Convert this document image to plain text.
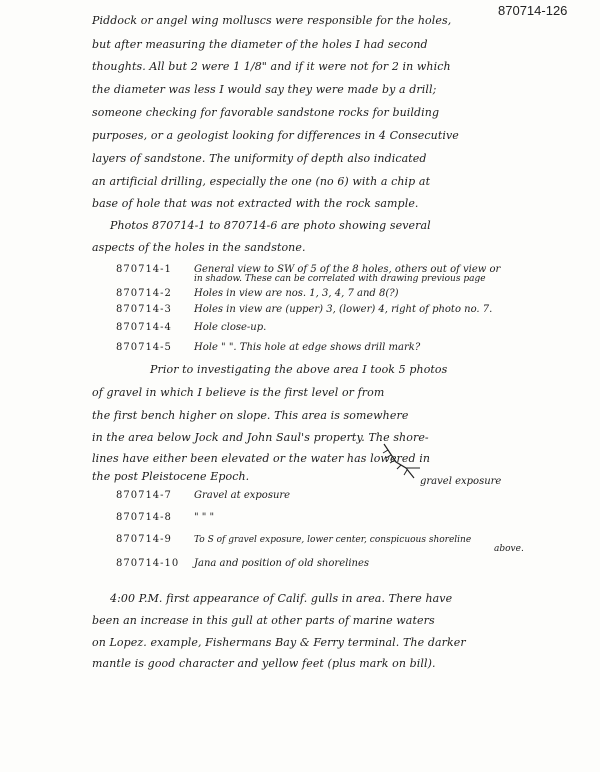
870714-126
Piddock or angel wing molluscs were responsible for the holes,
but after measuring the diameter of the holes I had second
thoughts. All but 2 were 1 1/8" and if it were not for 2 in which
the diameter was less I would say they were made by a drill;
someone checking for favorable sandstone rocks for building
purposes, or a geologist looking for differences in 4 Consecutive
layers of sandstone. The uniformity of depth also indicated
an artificial drilling, especially the one (no 6) with a chip at
base of hole that was not extracted with the rock sample.
Photos 870714-1 to 870714-6 are photo showing several
aspects of the holes in the sandstone.
870714-1 General view to SW of 5 of the 8 holes, others out of view or
in shadow. These can be correlated with drawing previous page
870714-2 Holes in view are nos. 1, 3, 4, 7 and 8(?)
870714-3 Holes in view are (upper) 3, (lower) 4, right of photo no. 7.
870714-4 Hole close-up.
870714-5 Hole " ". This hole at edge shows drill mark?
Prior to investigating the above area I took 5 photos
of gravel in which I believe is the first level or from
the first bench higher on slope. This area is somewhere
in the area below Jock and John Saul's property. The shore-
lines have either been elevated or the water has lowered in
the post Pleistocene Epoch.	gravel exposure
870714-7 Gravel at exposure
870714-8 " " "
870714-9 To S of gravel exposure, lower center, conspicuous shoreline
above.
870714-10 Jana and position of old shorelines
4:00 P.M. first appearance of Calif. gulls in area. There have
been an increase in this gull at other parts of marine waters
on Lopez. example, Fishermans Bay & Ferry terminal. The darker
mantle is good character and yellow feet (plus mark on bill).
